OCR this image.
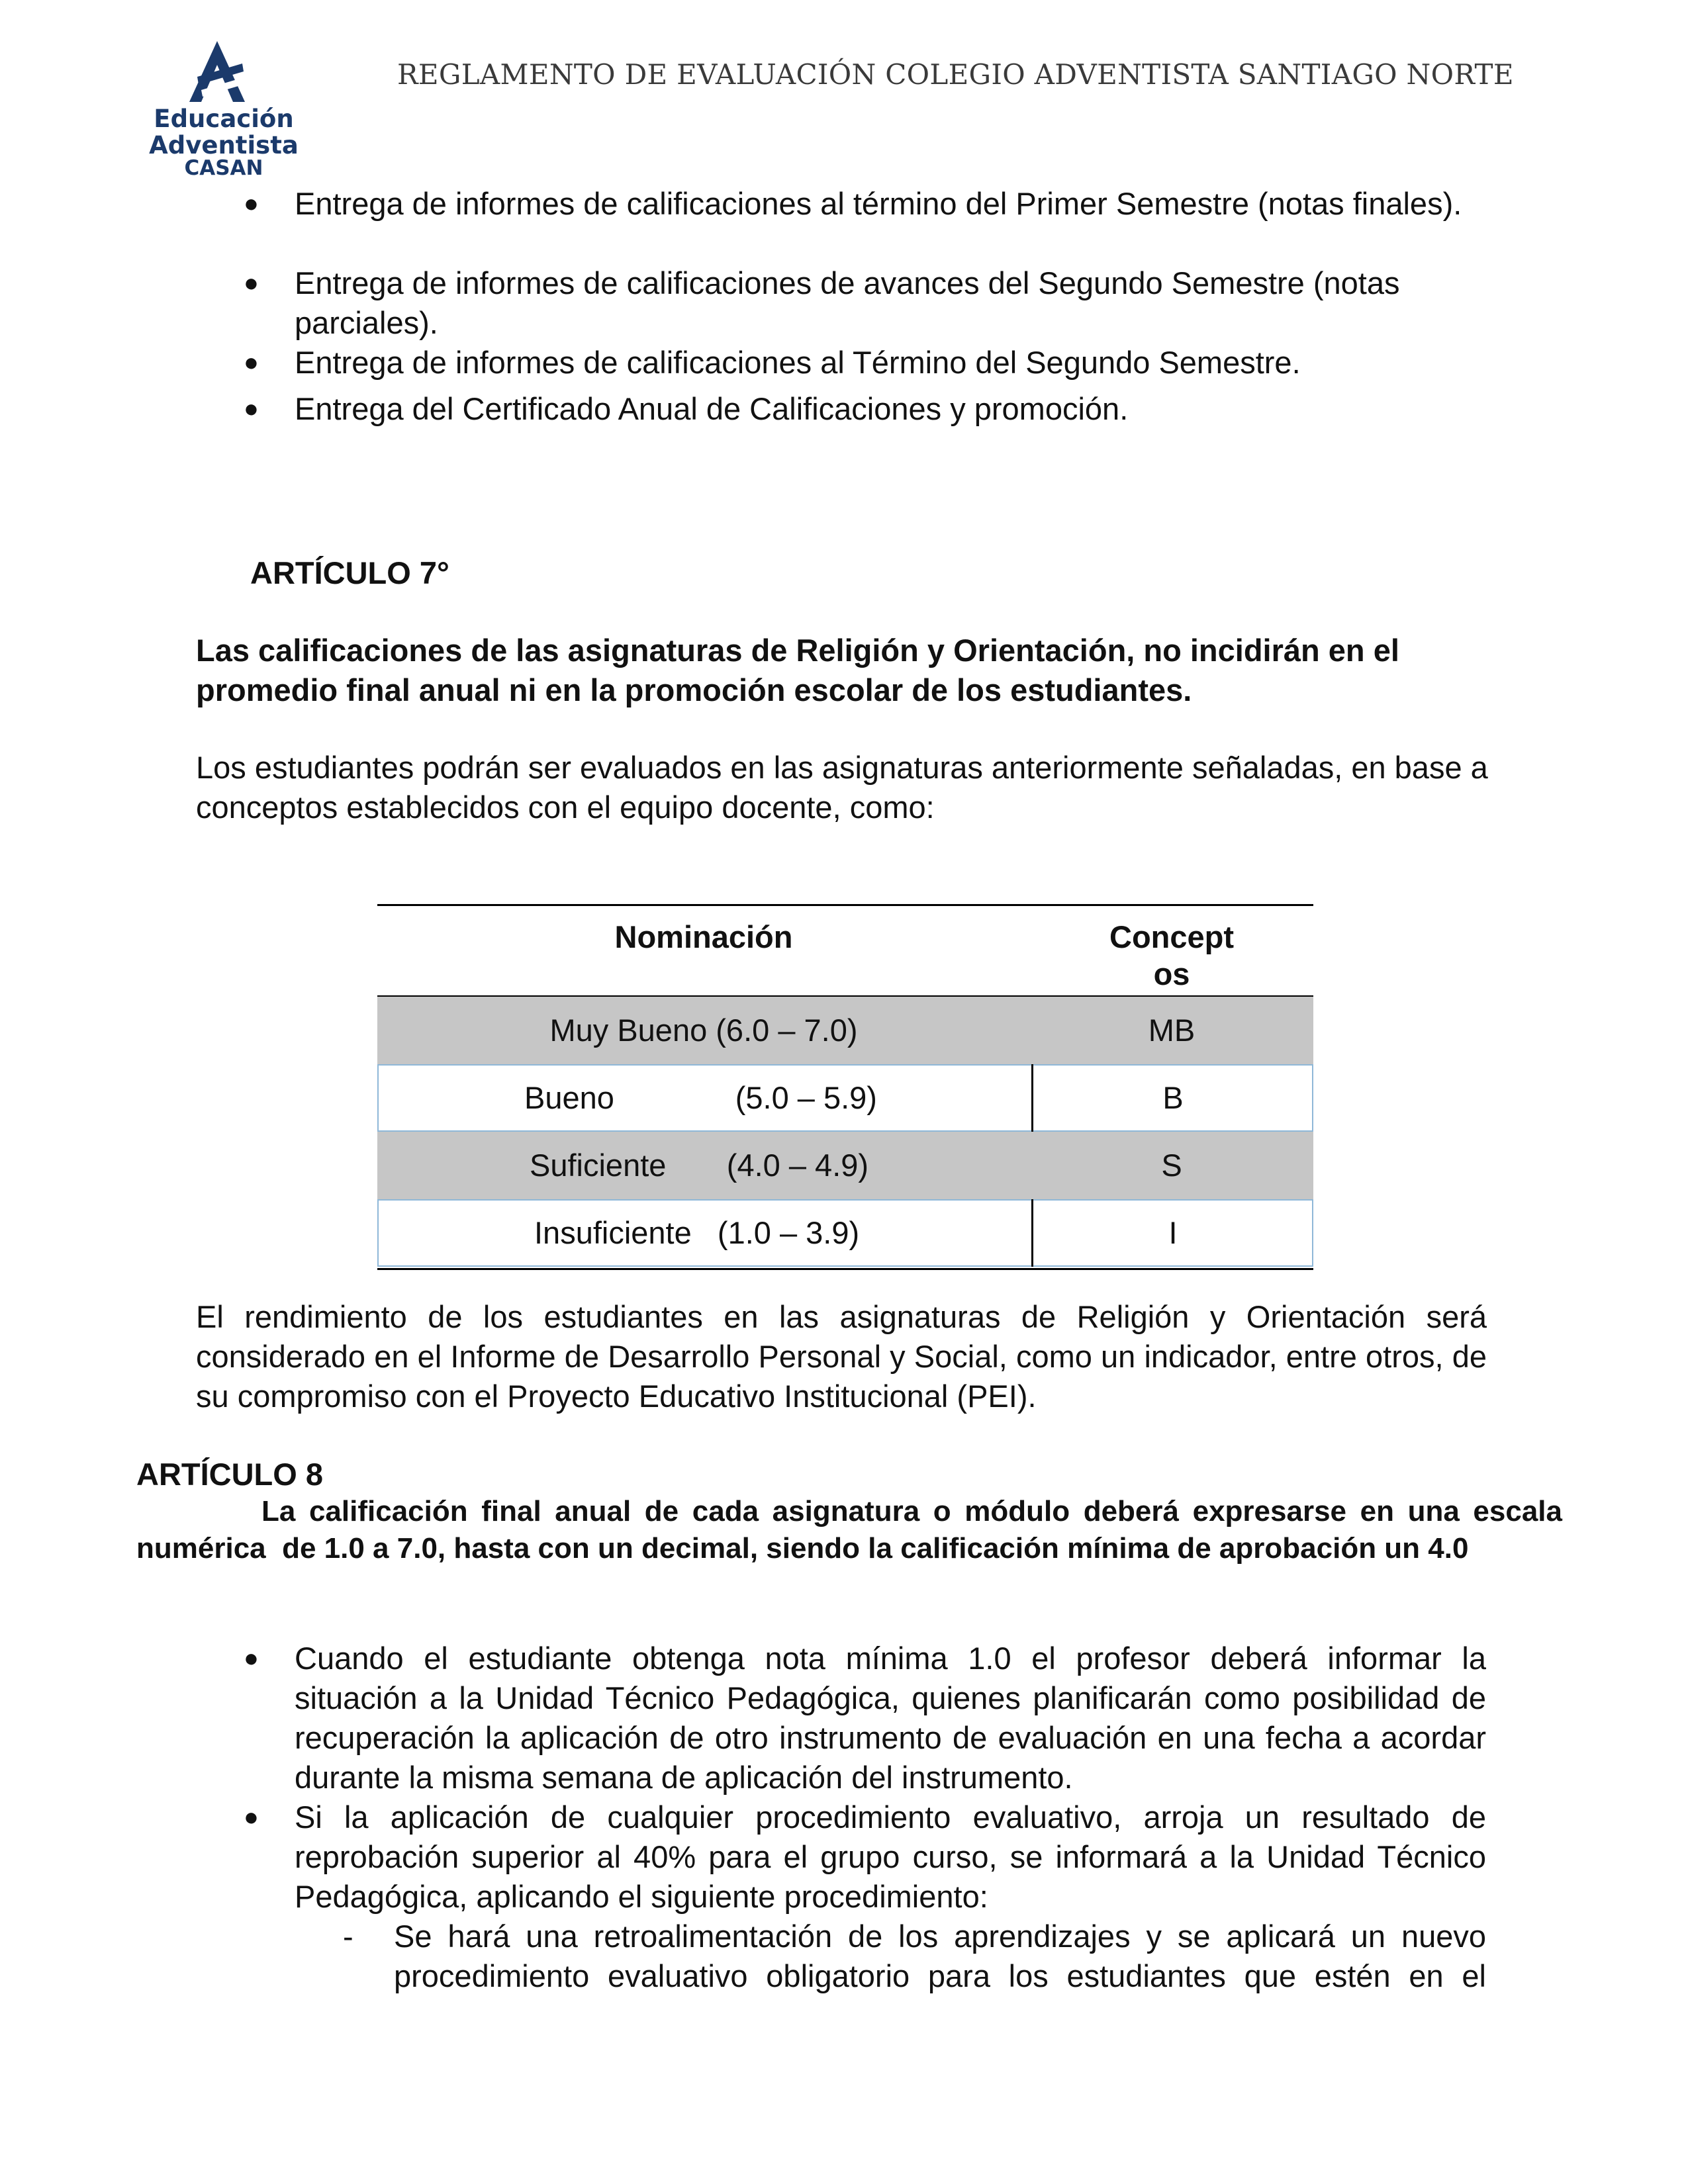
Educación
Adventista
CASAN
REGLAMENTO DE EVALUACIÓN COLEGIO ADVENTISTA SANTIAGO NORTE
● Entrega de informes de calificaciones al término del Primer Semestre (notas finales).
● Entrega de informes de calificaciones de avances del Segundo Semestre (notas parciales).
● Entrega de informes de calificaciones al Término del Segundo Semestre.
● Entrega del Certificado Anual de Calificaciones y promoción.
ARTÍCULO 7°
Las calificaciones de las asignaturas de Religión y Orientación, no incidirán en el promedio final anual ni en la promoción escolar de los estudiantes.
Los estudiantes podrán ser evaluados en las asignaturas anteriormente señaladas, en base a conceptos establecidos con el equipo docente, como:
Nominación	Concept
os
Muy Bueno (6.0 – 7.0)	MB
Bueno              (5.0 – 5.9)	B
Suficiente       (4.0 – 4.9)	S
Insuficiente   (1.0 – 3.9)	I
El rendimiento de los estudiantes en las asignaturas de Religión y Orientación será considerado en el Informe de Desarrollo Personal y Social, como un indicador, entre otros, de su compromiso con el Proyecto Educativo Institucional (PEI).
ARTÍCULO 8
La calificación final anual de cada asignatura o módulo deberá expresarse en una escala
numérica  de 1.0 a 7.0, hasta con un decimal, siendo la calificación mínima de aprobación un 4.0
● Cuando el estudiante obtenga nota mínima 1.0 el profesor deberá informar la situación a la Unidad Técnico Pedagógica, quienes planificarán como posibilidad de recuperación la aplicación de otro instrumento de evaluación en una fecha a acordar durante la misma semana de aplicación del instrumento.
● Si la aplicación de cualquier procedimiento evaluativo, arroja un resultado de reprobación superior al 40% para el grupo curso, se informará a la Unidad Técnico Pedagógica, aplicando el siguiente procedimiento:
-	Se hará una retroalimentación de los aprendizajes y se aplicará un nuevo procedimiento evaluativo obligatorio para los estudiantes que estén en el
